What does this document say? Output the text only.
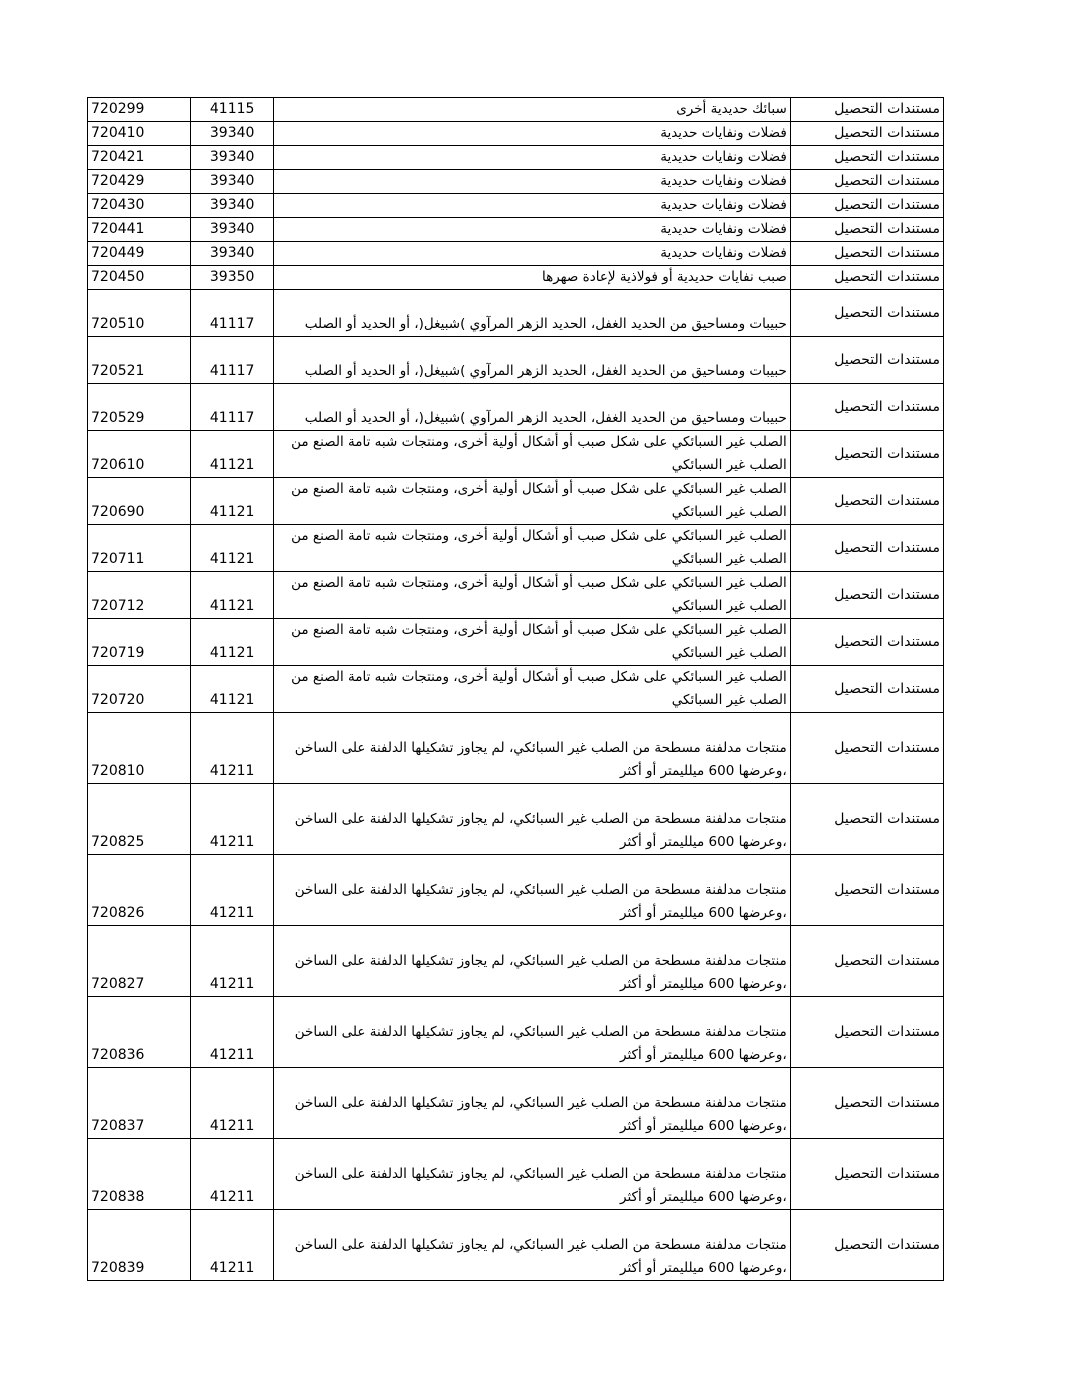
720299	41115	سبائك حديدية أخرى	مستندات التحصيل
720410	39340	فضلات ونفايات حديدية	مستندات التحصيل
720421	39340	فضلات ونفايات حديدية	مستندات التحصيل
720429	39340	فضلات ونفايات حديدية	مستندات التحصيل
720430	39340	فضلات ونفايات حديدية	مستندات التحصيل
720441	39340	فضلات ونفايات حديدية	مستندات التحصيل
720449	39340	فضلات ونفايات حديدية	مستندات التحصيل
720450	39350	صبب نفايات حديدية أو فولاذية لإعادة صهرها	مستندات التحصيل
720510	41117	حبيبات ومساحيق من الحديد الغفل، الحديد الزهر المرآوي )شبيغل(، أو الحديد أو الصلب	مستندات التحصيل
720521	41117	حبيبات ومساحيق من الحديد الغفل، الحديد الزهر المرآوي )شبيغل(، أو الحديد أو الصلب	مستندات التحصيل
720529	41117	حبيبات ومساحيق من الحديد الغفل، الحديد الزهر المرآوي )شبيغل(، أو الحديد أو الصلب	مستندات التحصيل
720610	41121	الصلب غير السبائكي على شكل صبب أو أشكال أولية أخرى، ومنتجات شبه تامة الصنع من الصلب غير السبائكي	مستندات التحصيل
720690	41121	الصلب غير السبائكي على شكل صبب أو أشكال أولية أخرى، ومنتجات شبه تامة الصنع من الصلب غير السبائكي	مستندات التحصيل
720711	41121	الصلب غير السبائكي على شكل صبب أو أشكال أولية أخرى، ومنتجات شبه تامة الصنع من الصلب غير السبائكي	مستندات التحصيل
720712	41121	الصلب غير السبائكي على شكل صبب أو أشكال أولية أخرى، ومنتجات شبه تامة الصنع من الصلب غير السبائكي	مستندات التحصيل
720719	41121	الصلب غير السبائكي على شكل صبب أو أشكال أولية أخرى، ومنتجات شبه تامة الصنع من الصلب غير السبائكي	مستندات التحصيل
720720	41121	الصلب غير السبائكي على شكل صبب أو أشكال أولية أخرى، ومنتجات شبه تامة الصنع من الصلب غير السبائكي	مستندات التحصيل
720810	41211	منتجات مدلفنة مسطحة من الصلب غير السبائكي، لم يجاوز تشكيلها الدلفنة على الساخن ،وعرضها 600 ميلليمتر أو أكثر	مستندات التحصيل
720825	41211	منتجات مدلفنة مسطحة من الصلب غير السبائكي، لم يجاوز تشكيلها الدلفنة على الساخن ،وعرضها 600 ميلليمتر أو أكثر	مستندات التحصيل
720826	41211	منتجات مدلفنة مسطحة من الصلب غير السبائكي، لم يجاوز تشكيلها الدلفنة على الساخن ،وعرضها 600 ميلليمتر أو أكثر	مستندات التحصيل
720827	41211	منتجات مدلفنة مسطحة من الصلب غير السبائكي، لم يجاوز تشكيلها الدلفنة على الساخن ،وعرضها 600 ميلليمتر أو أكثر	مستندات التحصيل
720836	41211	منتجات مدلفنة مسطحة من الصلب غير السبائكي، لم يجاوز تشكيلها الدلفنة على الساخن ،وعرضها 600 ميلليمتر أو أكثر	مستندات التحصيل
720837	41211	منتجات مدلفنة مسطحة من الصلب غير السبائكي، لم يجاوز تشكيلها الدلفنة على الساخن ،وعرضها 600 ميلليمتر أو أكثر	مستندات التحصيل
720838	41211	منتجات مدلفنة مسطحة من الصلب غير السبائكي، لم يجاوز تشكيلها الدلفنة على الساخن ،وعرضها 600 ميلليمتر أو أكثر	مستندات التحصيل
720839	41211	منتجات مدلفنة مسطحة من الصلب غير السبائكي، لم يجاوز تشكيلها الدلفنة على الساخن ،وعرضها 600 ميلليمتر أو أكثر	مستندات التحصيل
